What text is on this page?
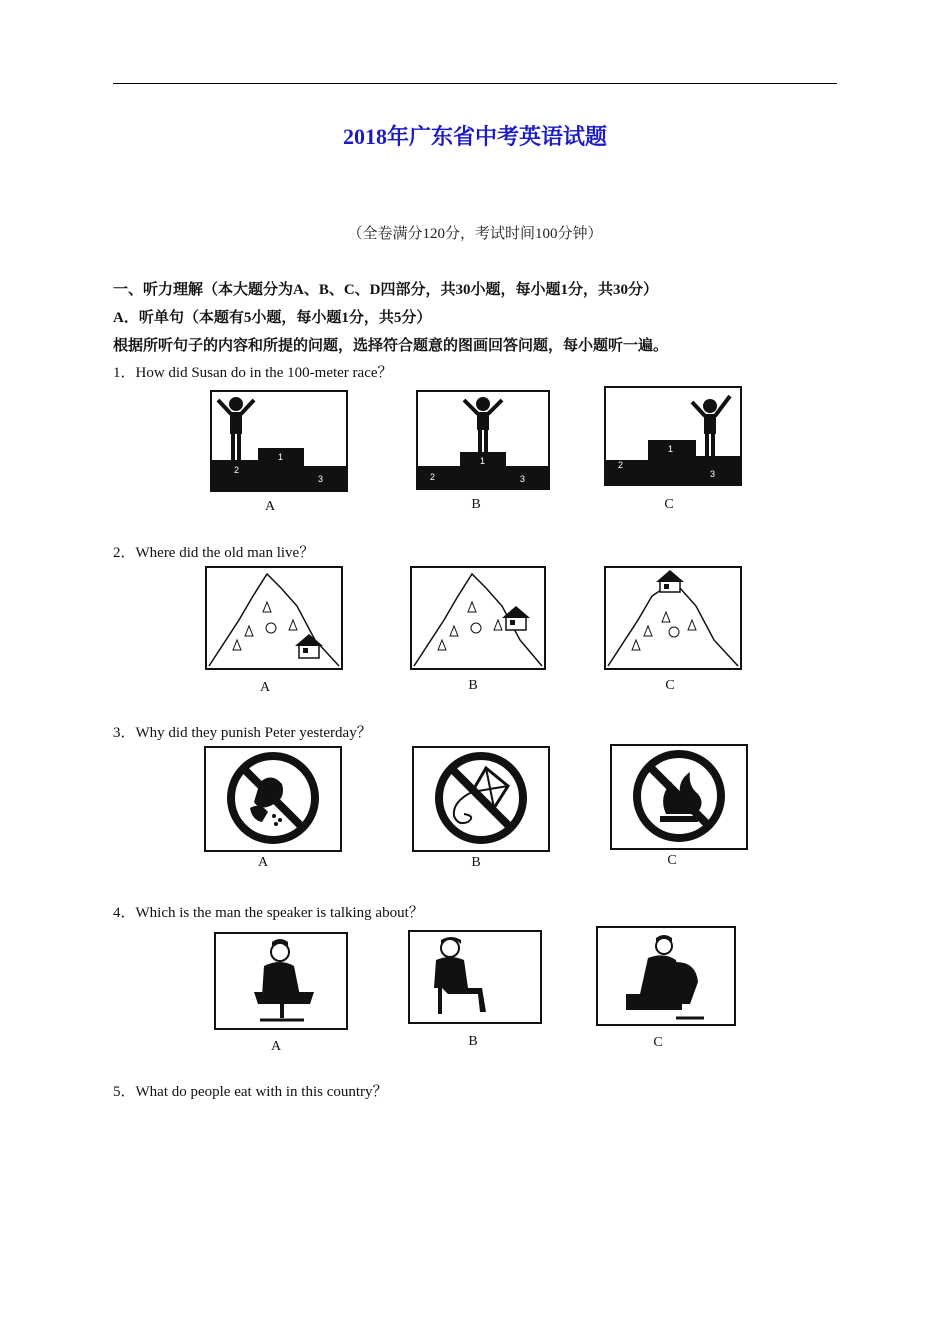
2018年广东省中考英语试题
（全卷满分120分，考试时间100分钟）
一、听力理解（本大题分为A、B、C、D四部分，共30小题，每小题1分，共30分）
A．听单句（本题有5小题，每小题1分，共5分）
根据所听句子的内容和所提的问题，选择符合题意的图画回答问题，每小题听一遍。
1．How did Susan do in the 100-meter race？
2
1
3
A
1
2	3
B
2
1
3
C
2．Where did the old man live？
A	B	C
3．Why did they punish Peter yesterday？
A	B	C
4．Which is the man the speaker is talking about？
A	B	C
5．What do people eat with in this country？
